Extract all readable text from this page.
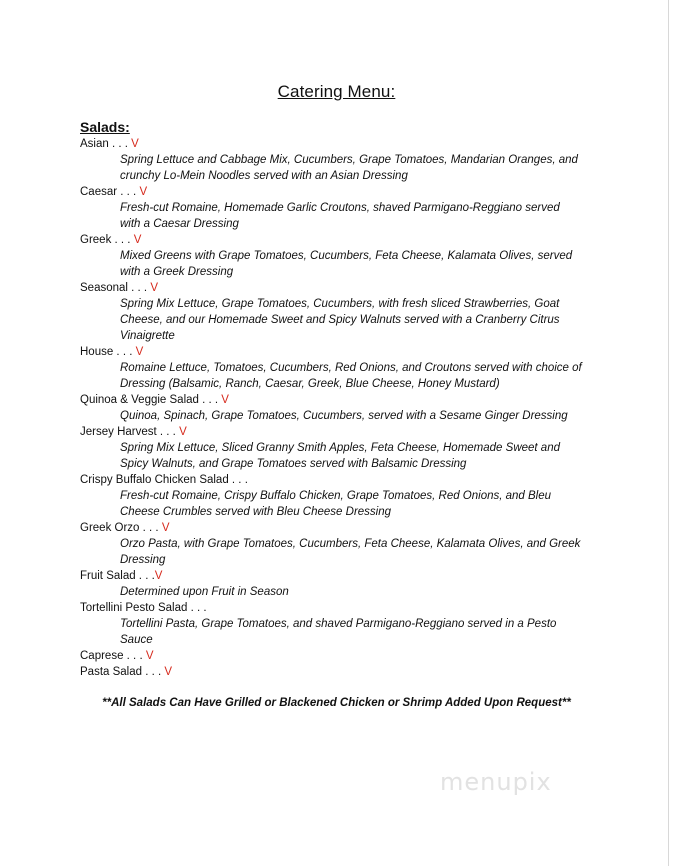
Catering Menu:
Salads:
Asian . . . V
Spring Lettuce and Cabbage Mix, Cucumbers, Grape Tomatoes, Mandarian Oranges, and
crunchy Lo-Mein Noodles served with an Asian Dressing
Caesar . . . V
Fresh-cut Romaine, Homemade Garlic Croutons, shaved Parmigano-Reggiano served
with a Caesar Dressing
Greek . . . V
Mixed Greens with Grape Tomatoes, Cucumbers, Feta Cheese, Kalamata Olives, served
with a Greek Dressing
Seasonal . . . V
Spring Mix Lettuce, Grape Tomatoes, Cucumbers, with fresh sliced Strawberries, Goat
Cheese, and our Homemade Sweet and Spicy Walnuts served with a Cranberry Citrus
Vinaigrette
House . . . V
Romaine Lettuce, Tomatoes, Cucumbers, Red Onions, and Croutons served with choice of
Dressing (Balsamic, Ranch, Caesar, Greek, Blue Cheese, Honey Mustard)
Quinoa & Veggie Salad . . . V
Quinoa, Spinach, Grape Tomatoes, Cucumbers, served with a Sesame Ginger Dressing
Jersey Harvest . . . V
Spring Mix Lettuce, Sliced Granny Smith Apples, Feta Cheese, Homemade Sweet and
Spicy Walnuts, and Grape Tomatoes served with Balsamic Dressing
Crispy Buffalo Chicken Salad . . .
Fresh-cut Romaine, Crispy Buffalo Chicken, Grape Tomatoes, Red Onions, and Bleu
Cheese Crumbles served with Bleu Cheese Dressing
Greek Orzo . . . V
Orzo Pasta, with Grape Tomatoes, Cucumbers, Feta Cheese, Kalamata Olives, and Greek
Dressing
Fruit Salad . . .V
Determined upon Fruit in Season
Tortellini Pesto Salad . . .
Tortellini Pasta, Grape Tomatoes, and shaved Parmigano-Reggiano served in a Pesto
Sauce
Caprese . . . V
Pasta Salad . . . V
**All Salads Can Have Grilled or Blackened Chicken or Shrimp Added Upon Request**
menupix
